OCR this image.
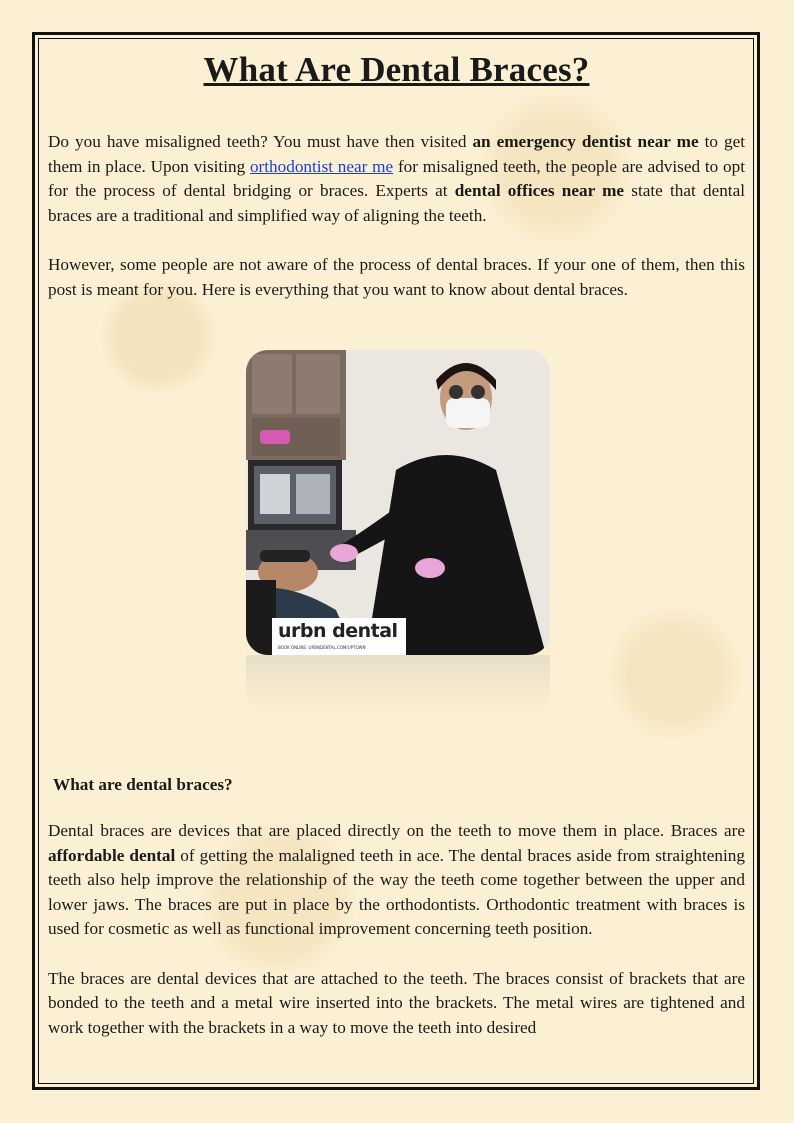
What Are Dental Braces?

Do you have misaligned teeth? You must have then visited an emergency dentist near me to get them in place. Upon visiting orthodontist near me for misaligned teeth, the people are advised to opt for the process of dental bridging or braces. Experts at dental offices near me state that dental braces are a traditional and simplified way of aligning the teeth.

However, some people are not aware of the process of dental braces. If your one of them, then this post is meant for you. Here is everything that you want to know about dental braces.

urbn dental
BOOK ONLINE: URBNDENTAL.COM/UPTOWN
What are dental braces?

Dental braces are devices that are placed directly on the teeth to move them in place. Braces are affordable dental of getting the malaligned teeth in ace. The dental braces aside from straightening teeth also help improve the relationship of the way the teeth come together between the upper and lower jaws. The braces are put in place by the orthodontists. Orthodontic treatment with braces is used for cosmetic as well as functional improvement concerning teeth position.

The braces are dental devices that are attached to the teeth. The braces consist of brackets that are bonded to the teeth and a metal wire inserted into the brackets. The metal wires are tightened and work together with the brackets in a way to move the teeth into desired
